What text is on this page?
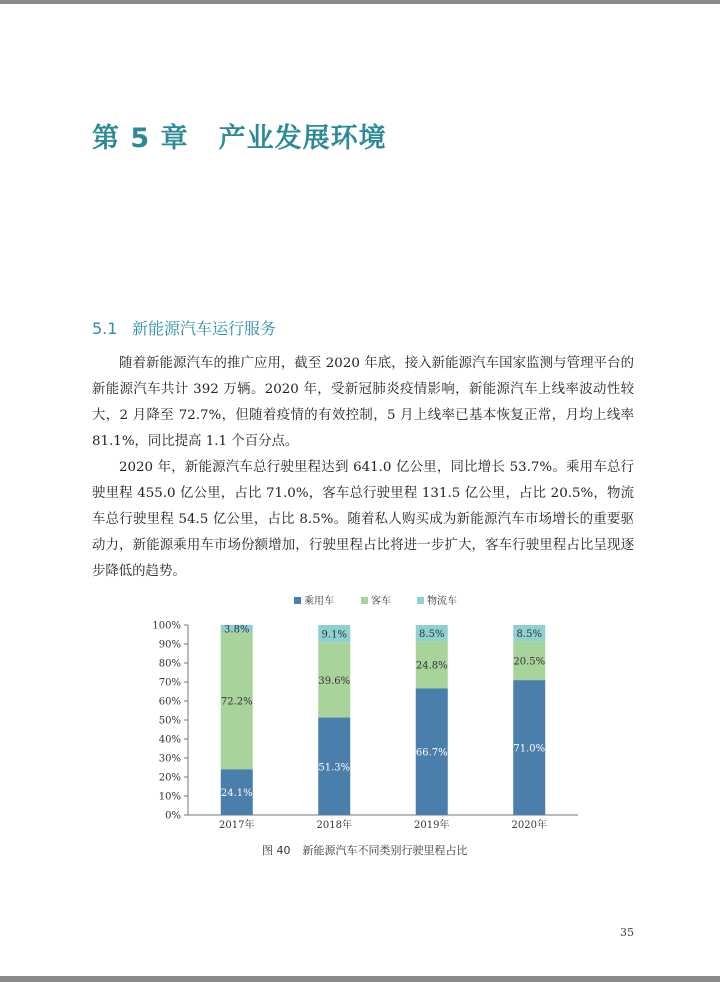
第 5 章 产业发展环境
5.1 新能源汽车运行服务

随着新能源汽车的推广应用，截至 2020 年底，接入新能源汽车国家监测与管理平台的新能源汽车共计 392 万辆。2020 年，受新冠肺炎疫情影响，新能源汽车上线率波动性较大，2 月降至 72.7%，但随着疫情的有效控制，5 月上线率已基本恢复正常，月均上线率 81.1%，同比提高 1.1 个百分点。

2020 年，新能源汽车总行驶里程达到 641.0 亿公里，同比增长 53.7%。乘用车总行驶里程 455.0 亿公里，占比 71.0%，客车总行驶里程 131.5 亿公里，占比 20.5%，物流车总行驶里程 54.5 亿公里，占比 8.5%。随着私人购买成为新能源汽车市场增长的重要驱动力，新能源乘用车市场份额增加，行驶里程占比将进一步扩大，客车行驶里程占比呈现逐步降低的趋势。

图 40 新能源汽车不同类别行驶里程占比
35
0%
10%
20%
30%
40%
50%
60%
70%
80%
90%
100%
24.1%
72.2%
3.8%
2017年
51.3%
39.6%
9.1%
2018年
66.7%
24.8%
8.5%
2019年
71.0%
20.5%
8.5%
2020年
乘用车	客车	物流车
